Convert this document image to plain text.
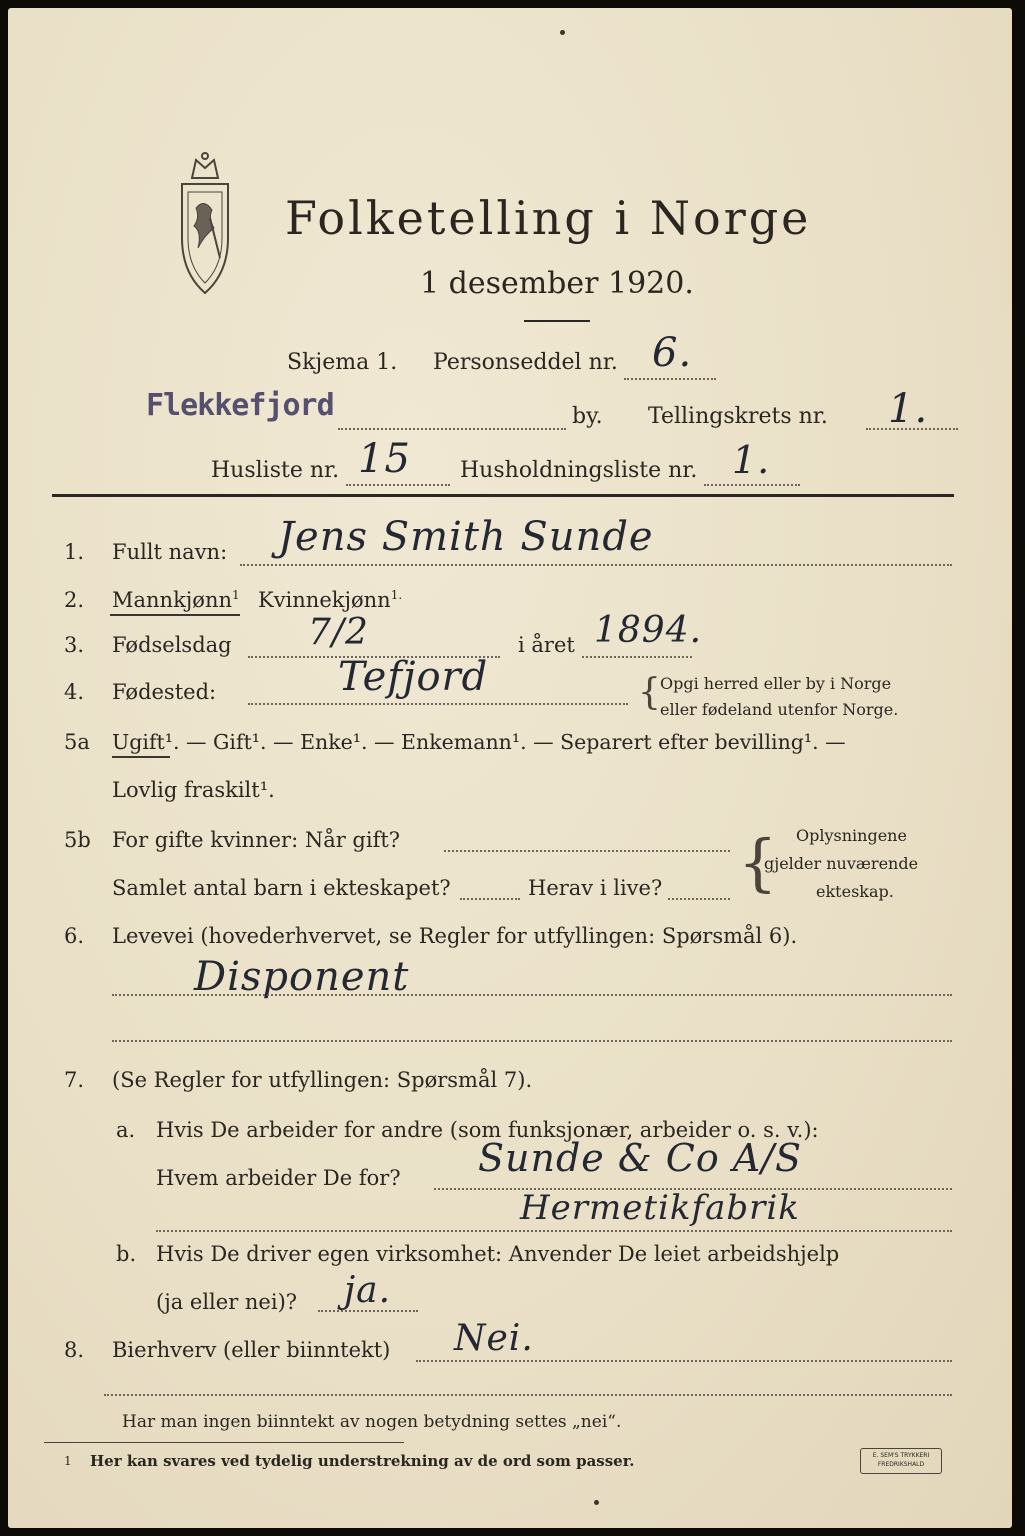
Folketelling i Norge
1 desember 1920.
Skjema 1. Personseddel nr. 6.
Flekkefjord	by. Tellingskrets nr. 1.
Husliste nr. 15 Husholdningsliste nr. 1.
1. Fullt navn: Jens Smith Sunde
2. Mannkjønn$^1$ Kvinnekjønn$^{1.}$
3. Fødselsdag 7/2	i året 1894.
4. Fødested:	Tefjord	{ Opgi herred eller by i Norge
eller fødeland utenfor Norge.
5a Ugift¹. — Gift¹. — Enke¹. — Enkemann¹. — Separert efter bevilling¹. —
Lovlig fraskilt¹.
5b For gifte kvinner: Når gift?
Samlet antal barn i ekteskapet?	Herav i live? { Oplysningene
gjelder nuværende
ekteskap.
6. Levevei (hovederhvervet, se Regler for utfyllingen: Spørsmål 6).
Disponent
7. (Se Regler for utfyllingen: Spørsmål 7).
a. Hvis De arbeider for andre (som funksjonær, arbeider o. s. v.):
Hvem arbeider De for? Sunde & Co A/S
Hermetikfabrik
b. Hvis De driver egen virksomhet: Anvender De leiet arbeidshjelp
(ja eller nei)? ja.
8. Bierhverv (eller biinntekt) Nei.
Har man ingen biinntekt av nogen betydning settes „nei“.
1 Her kan svares ved tydelig understrekning av de ord som passer.	E. SEM'S TRYKKERI
FREDRIKSHALD
